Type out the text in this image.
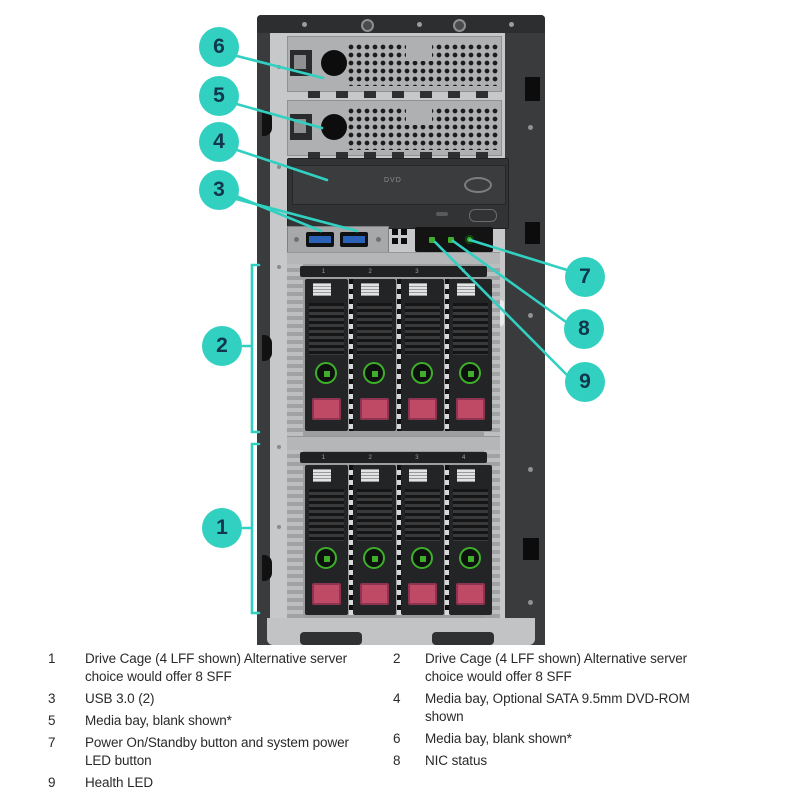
DVD
1	2	3	4
1	2	3	4
1
2
3
4
5
6
7
8
9
1	Drive Cage (4 LFF shown) Alternative server choice would offer 8 SFF
3	USB 3.0 (2)
5	Media bay, blank shown*
7	Power On/Standby button and system power LED button
9	Health LED
2	Drive Cage (4 LFF shown) Alternative server choice would offer 8 SFF
4	Media bay, Optional SATA 9.5mm DVD-ROM shown
6	Media bay, blank shown*
8	NIC status
